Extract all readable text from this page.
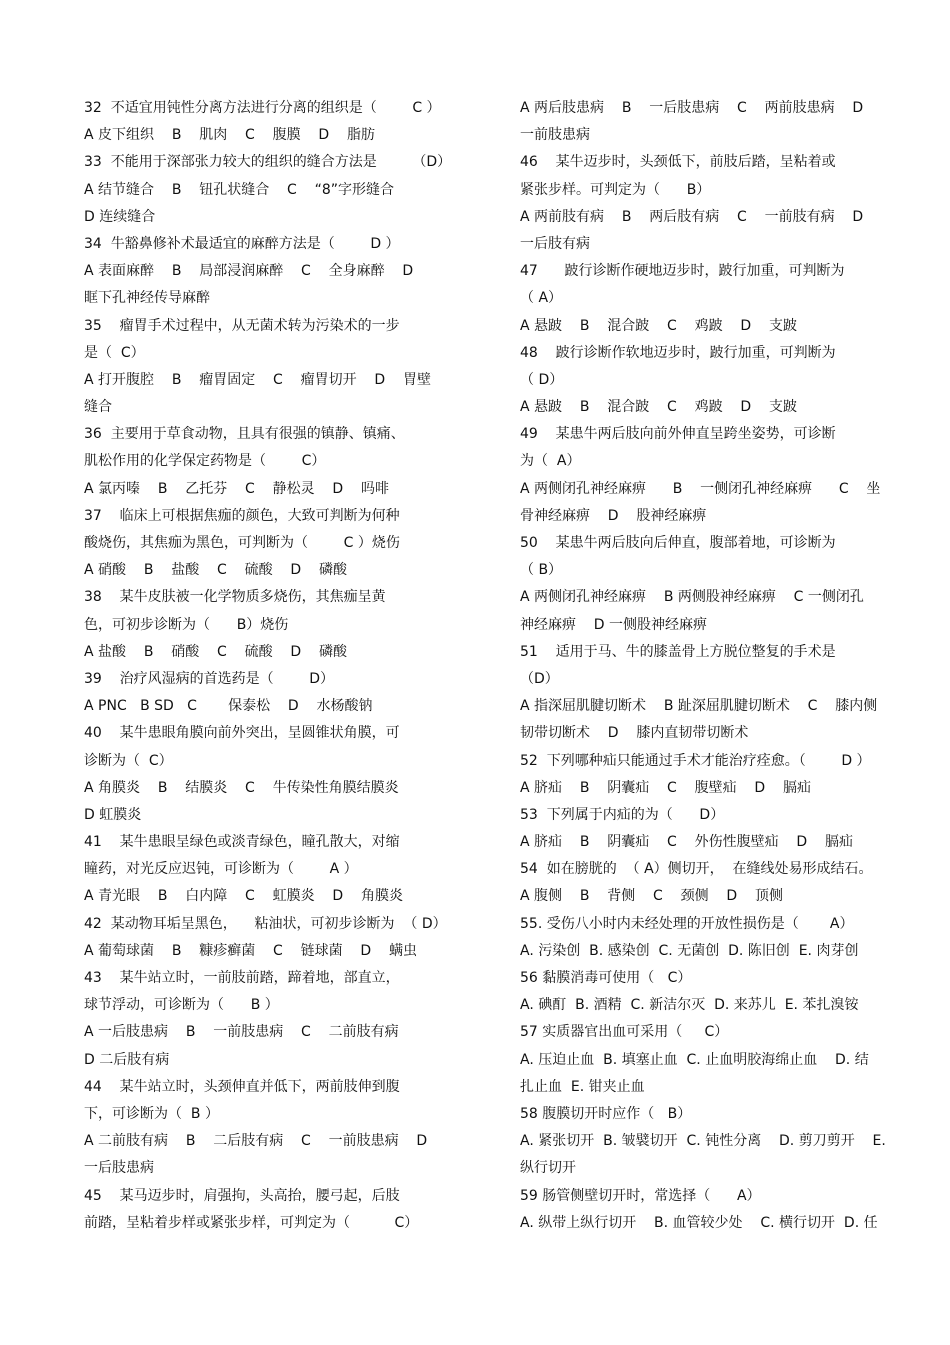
32  不适宜用钝性分离方法进行分离的组织是（        C ）
A 皮下组织    B    肌肉    C    腹膜    D    脂肪
33  不能用于深部张力较大的组织的缝合方法是        （D）
A 结节缝合    B    钮孔状缝合    C    “8”字形缝合
D 连续缝合
34  牛豁鼻修补术最适宜的麻醉方法是（        D ）
A 表面麻醉    B    局部浸润麻醉    C    全身麻醉    D
眶下孔神经传导麻醉
35    瘤胃手术过程中，从无菌术转为污染术的一步
是（  C）
A 打开腹腔    B    瘤胃固定    C    瘤胃切开    D    胃壁
缝合
36  主要用于草食动物，且具有很强的镇静、镇痛、
肌松作用的化学保定药物是（        C）
A 氯丙嗪    B    乙托芬    C    静松灵    D    吗啡
37    临床上可根据焦痂的颜色，大致可判断为何种
酸烧伤，其焦痂为黑色，可判断为（        C ）烧伤
A 硝酸    B    盐酸    C    硫酸    D    磷酸
38    某牛皮肤被一化学物质多烧伤，其焦痂呈黄
色，可初步诊断为（      B）烧伤
A 盐酸    B    硝酸    C    硫酸    D    磷酸
39    治疗风湿病的首选药是（        D）
A PNC   B SD   C       保泰松    D    水杨酸钠
40    某牛患眼角膜向前外突出，呈圆锥状角膜，可
诊断为（  C）
A 角膜炎    B    结膜炎    C    牛传染性角膜结膜炎
D 虹膜炎
41    某牛患眼呈绿色或淡青绿色，瞳孔散大，对缩
瞳药，对光反应迟钝，可诊断为（        A ）
A 青光眼    B    白内障    C    虹膜炎    D    角膜炎
42  某动物耳垢呈黑色，    粘油状，可初步诊断为  （ D）
A 葡萄球菌    B    糠疹癣菌    C    链球菌    D    螨虫
43    某牛站立时，一前肢前踏，蹄着地，部直立，
球节浮动，可诊断为（      B ）
A 一后肢患病    B    一前肢患病    C    二前肢有病
D 二后肢有病
44    某牛站立时，头颈伸直并低下，两前肢伸到腹
下，可诊断为（  B ）
A 二前肢有病    B    二后肢有病    C    一前肢患病    D
一后肢患病
45    某马迈步时，肩强拘，头高抬，腰弓起，后肢
前踏，呈粘着步样或紧张步样，可判定为（          C）
A 两后肢患病    B    一后肢患病    C    两前肢患病    D
一前肢患病
46    某牛迈步时，头颈低下，前肢后踏，呈粘着或
紧张步样。可判定为（      B）
A 两前肢有病    B    两后肢有病    C    一前肢有病    D
一后肢有病
47      跛行诊断作硬地迈步时，跛行加重，可判断为
（ A）
A 悬跛    B    混合跛    C    鸡跛    D    支跛
48    跛行诊断作软地迈步时，跛行加重，可判断为
（ D）
A 悬跛    B    混合跛    C    鸡跛    D    支跛
49    某患牛两后肢向前外伸直呈跨坐姿势，可诊断
为（  A）
A 两侧闭孔神经麻痹      B    一侧闭孔神经麻痹      C    坐
骨神经麻痹    D    股神经麻痹
50    某患牛两后肢向后伸直，腹部着地，可诊断为
（ B）
A 两侧闭孔神经麻痹    B 两侧股神经麻痹    C 一侧闭孔
神经麻痹    D 一侧股神经麻痹
51    适用于马、牛的膝盖骨上方脱位整复的手术是
（D）
A 指深屈肌腱切断术    B 趾深屈肌腱切断术    C    膝内侧
韧带切断术    D    膝内直韧带切断术
52  下列哪种疝只能通过手术才能治疗痊愈。（        D ）
A 脐疝    B    阴囊疝    C    腹壁疝    D    膈疝
53  下列属于内疝的为（      D）
A 脐疝    B    阴囊疝    C    外伤性腹壁疝    D    膈疝
54  如在膀胱的  （ A）侧切开，  在缝线处易形成结石。
A 腹侧    B    背侧    C    颈侧    D    顶侧
55. 受伤八小时内未经处理的开放性损伤是（       A）
A. 污染创  B. 感染创  C. 无菌创  D. 陈旧创  E. 肉芽创
56 黏膜消毒可使用（   C）
A. 碘酊  B. 酒精  C. 新洁尔灭  D. 来苏儿  E. 苯扎溴铵
57 实质器官出血可采用（     C）
A. 压迫止血  B. 填塞止血  C. 止血明胶海绵止血    D. 结
扎止血  E. 钳夹止血
58 腹膜切开时应作（   B）
A. 紧张切开  B. 皱襞切开  C. 钝性分离    D. 剪刀剪开    E.
纵行切开
59 肠管侧壁切开时，常选择（      A）
A. 纵带上纵行切开    B. 血管较少处    C. 横行切开  D. 任
